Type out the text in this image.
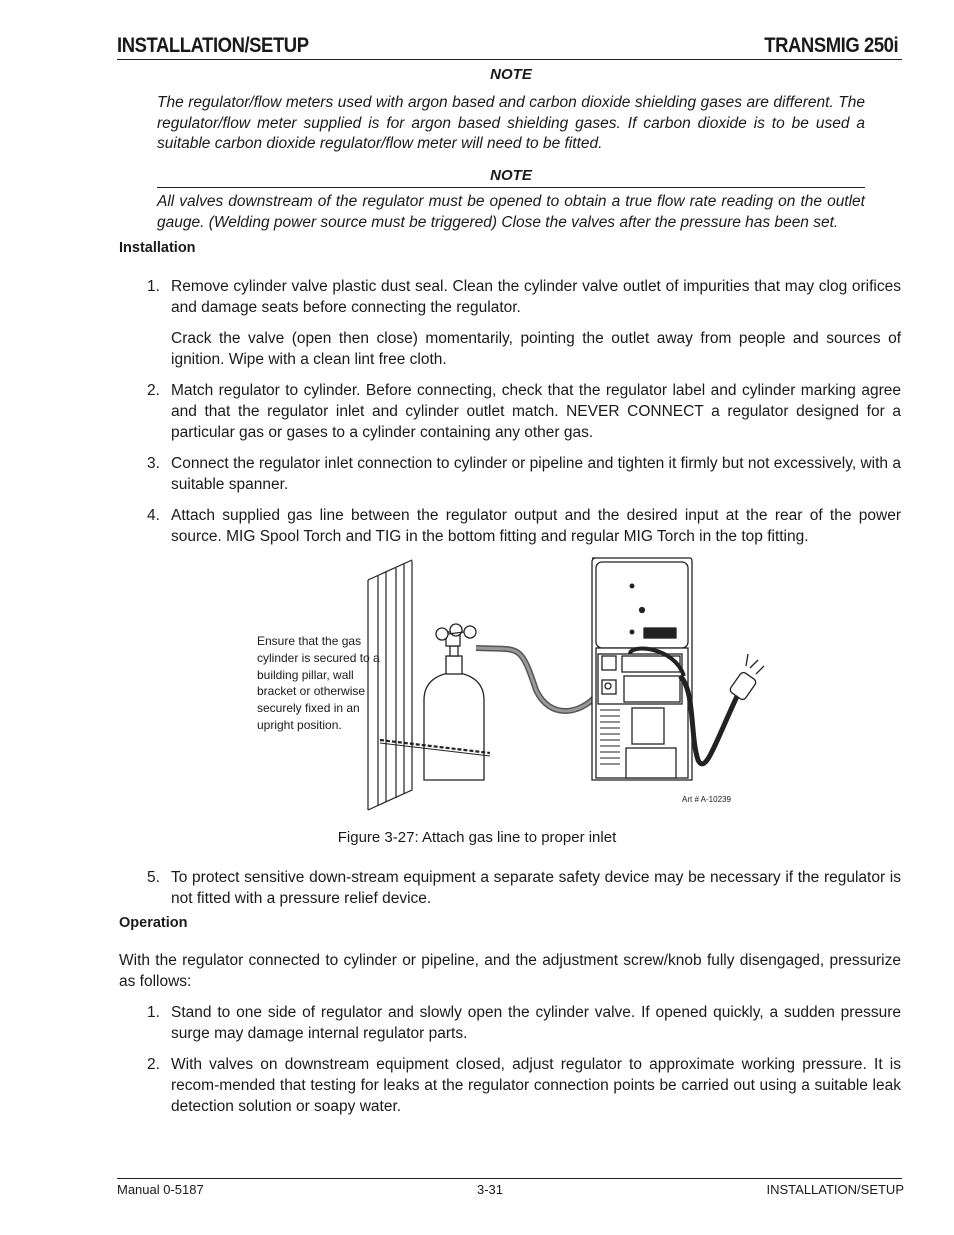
INSTALLATION/SETUP	TRANSMIG 250i
NOTE
The regulator/flow meters used with argon based and carbon dioxide shielding gases are different. The regulator/flow meter supplied is for argon based shielding gases. If carbon dioxide is to be used a suitable carbon dioxide regulator/flow meter will need to be fitted.
NOTE
All valves downstream of the regulator must be opened to obtain a true flow rate reading on the outlet gauge. (Welding power source must be triggered) Close the valves after the pressure has been set.
Installation
1. Remove cylinder valve plastic dust seal. Clean the cylinder valve outlet of impurities that may clog orifices and damage seats before connecting the regulator.
Crack the valve (open then close) momentarily, pointing the outlet away from people and sources of ignition. Wipe with a clean lint free cloth.
2. Match regulator to cylinder. Before connecting, check that the regulator label and cylinder marking agree and that the regulator inlet and cylinder outlet match. NEVER CONNECT a regulator designed for a particular gas or gases to a cylinder containing any other gas.
3. Connect the regulator inlet connection to cylinder or pipeline and tighten it firmly but not excessively, with a suitable spanner.
4. Attach supplied gas line between the regulator output and the desired input at the rear of the power source. MIG Spool Torch and TIG in the bottom fitting and regular MIG Torch in the top fitting.
Ensure that the gas cylinder is secured to a building pillar, wall bracket or otherwise securely fixed in an upright position.
Art # A-10239
Figure 3-27: Attach gas line to proper inlet
5. To protect sensitive down-stream equipment a separate safety device may be necessary if the regulator is not fitted with a pressure relief device.
Operation
With the regulator connected to cylinder or pipeline, and the adjustment screw/knob fully disengaged, pressurize as follows:
1. Stand to one side of regulator and slowly open the cylinder valve. If opened quickly, a sudden pressure surge may damage internal regulator parts.
2. With valves on downstream equipment closed, adjust regulator to approximate working pressure. It is recom-mended that testing for leaks at the regulator connection points be carried out using a suitable leak detection solution or soapy water.
Manual 0-5187	3-31	INSTALLATION/SETUP
